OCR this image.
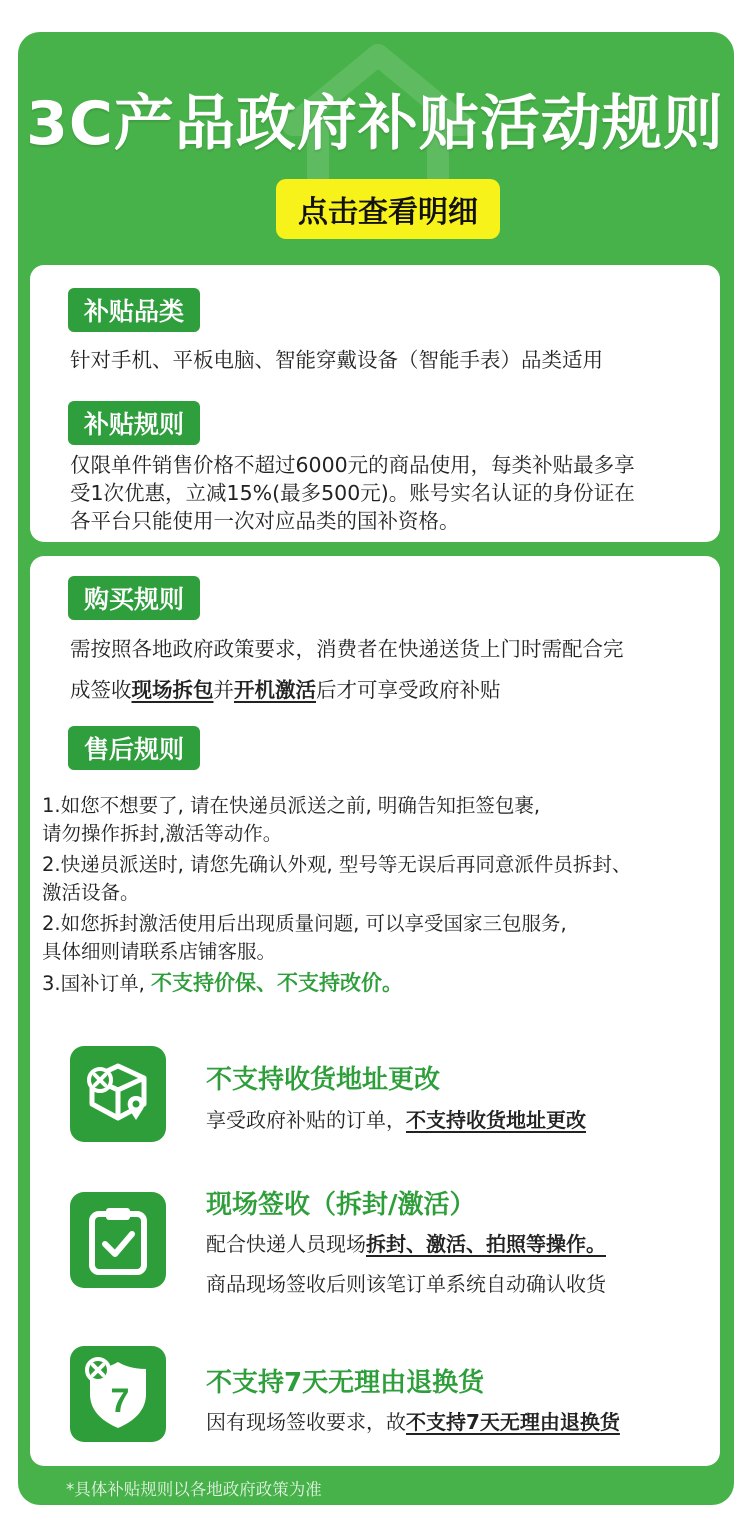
3C产品政府补贴活动规则
点击查看明细
补贴品类
针对手机、平板电脑、智能穿戴设备（智能手表）品类适用
补贴规则
仅限单件销售价格不超过6000元的商品使用，每类补贴最多享
受1次优惠，立减15%(最多500元)。账号实名认证的身份证在
各平台只能使用一次对应品类的国补资格。
购买规则
需按照各地政府政策要求，消费者在快递送货上门时需配合完
成签收现场拆包并开机激活后才可享受政府补贴
售后规则
1.如您不想要了, 请在快递员派送之前, 明确告知拒签包裹,
请勿操作拆封,激活等动作。
2.快递员派送时, 请您先确认外观, 型号等无误后再同意派件员拆封、
激活设备。
2.如您拆封激活使用后出现质量问题, 可以享受国家三包服务,
具体细则请联系店铺客服。
3.国补订单, 不支持价保、不支持改价。
不支持收货地址更改
享受政府补贴的订单，不支持收货地址更改
现场签收（拆封/激活）
配合快递人员现场拆封、激活、拍照等操作。
商品现场签收后则该笔订单系统自动确认收货
7	不支持7天无理由退换货
因有现场签收要求，故不支持7天无理由退换货
*具体补贴规则以各地政府政策为准
